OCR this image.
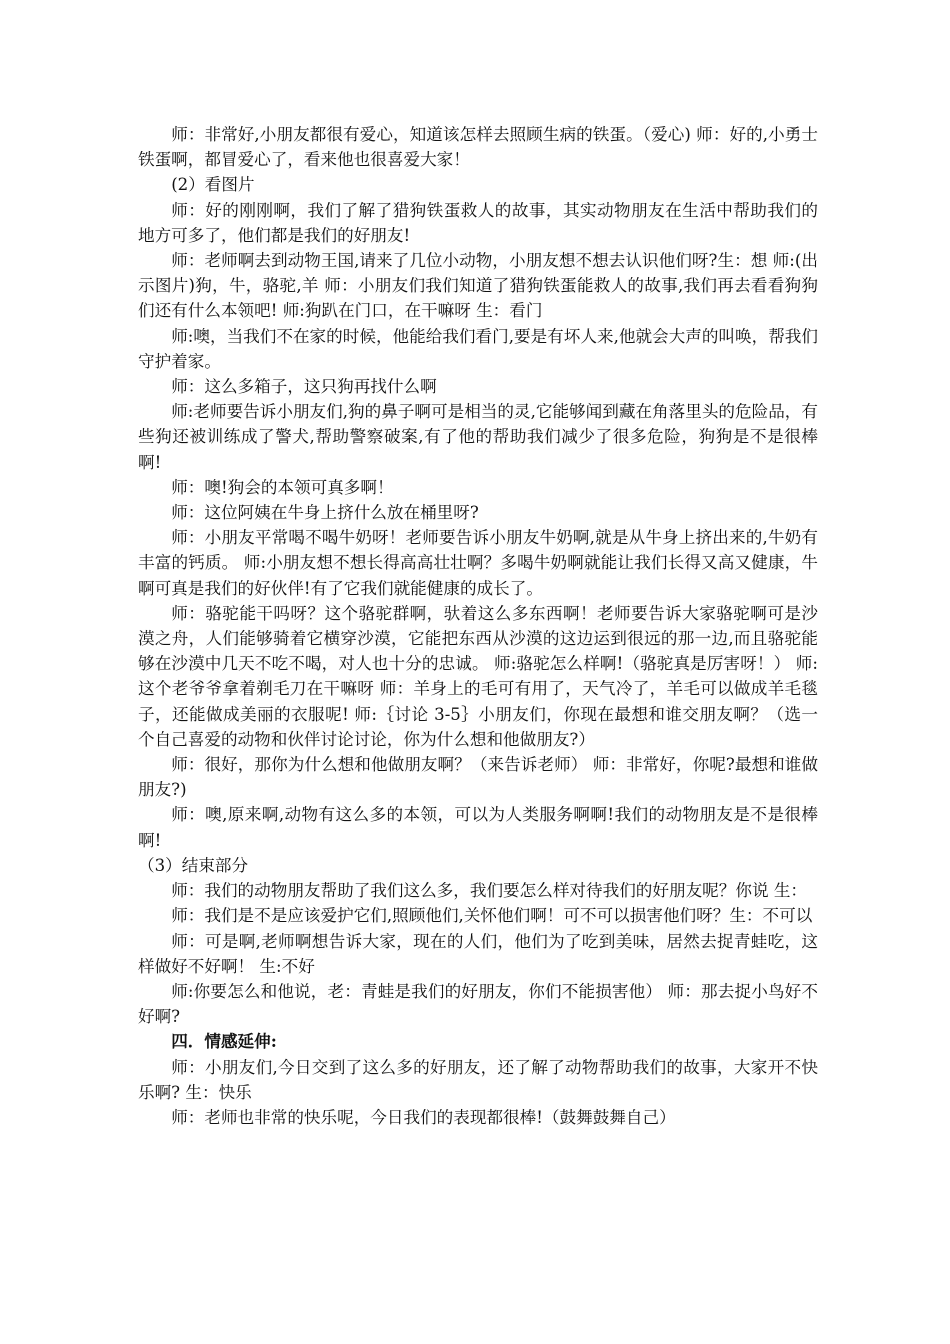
师：非常好,小朋友都很有爱心，知道该怎样去照顾生病的铁蛋。（爱心) 师：好的,小勇士铁蛋啊，都冒爱心了，看来他也很喜爱大家！

(2）看图片

师：好的刚刚啊，我们了解了猎狗铁蛋救人的故事，其实动物朋友在生活中帮助我们的地方可多了，他们都是我们的好朋友!

师：老师啊去到动物王国,请来了几位小动物，小朋友想不想去认识他们呀?生：想 师:(出示图片)狗，牛，骆驼,羊 师：小朋友们我们知道了猎狗铁蛋能救人的故事,我们再去看看狗狗们还有什么本领吧! 师:狗趴在门口，在干嘛呀 生：看门

师:噢，当我们不在家的时候，他能给我们看门,要是有坏人来,他就会大声的叫唤，帮我们守护着家。

师：这么多箱子，这只狗再找什么啊

师:老师要告诉小朋友们,狗的鼻子啊可是相当的灵,它能够闻到藏在角落里头的危险品，有些狗还被训练成了警犬,帮助警察破案,有了他的帮助我们减少了很多危险，狗狗是不是很棒啊!

师：噢!狗会的本领可真多啊！

师：这位阿姨在牛身上挤什么放在桶里呀?

师：小朋友平常喝不喝牛奶呀！老师要告诉小朋友牛奶啊,就是从牛身上挤出来的,牛奶有丰富的钙质。 师:小朋友想不想长得高高壮壮啊？多喝牛奶啊就能让我们长得又高又健康，牛啊可真是我们的好伙伴!有了它我们就能健康的成长了。

师：骆驼能干吗呀？这个骆驼群啊，驮着这么多东西啊！老师要告诉大家骆驼啊可是沙漠之舟，人们能够骑着它横穿沙漠，它能把东西从沙漠的这边运到很远的那一边,而且骆驼能够在沙漠中几天不吃不喝，对人也十分的忠诚。 师:骆驼怎么样啊!（骆驼真是厉害呀！） 师:这个老爷爷拿着剃毛刀在干嘛呀 师：羊身上的毛可有用了，天气冷了，羊毛可以做成羊毛毯子，还能做成美丽的衣服呢! 师:｛讨论 3-5｝小朋友们，你现在最想和谁交朋友啊？（选一个自己喜爱的动物和伙伴讨论讨论，你为什么想和他做朋友?）

师：很好，那你为什么想和他做朋友啊？（来告诉老师） 师：非常好，你呢?最想和谁做朋友?)

师：噢,原来啊,动物有这么多的本领，可以为人类服务啊啊!我们的动物朋友是不是很棒啊!

（3）结束部分

师：我们的动物朋友帮助了我们这么多，我们要怎么样对待我们的好朋友呢？你说 生：

师：我们是不是应该爱护它们,照顾他们,关怀他们啊！可不可以损害他们呀？生：不可以

师：可是啊,老师啊想告诉大家，现在的人们，他们为了吃到美味，居然去捉青蛙吃，这样做好不好啊！ 生:不好

师:你要怎么和他说，老：青蛙是我们的好朋友，你们不能损害他） 师：那去捉小鸟好不好啊?

四．情感延伸:

师：小朋友们,今日交到了这么多的好朋友，还了解了动物帮助我们的故事，大家开不快乐啊? 生：快乐

师：老师也非常的快乐呢，今日我们的表现都很棒!（鼓舞鼓舞自己）
